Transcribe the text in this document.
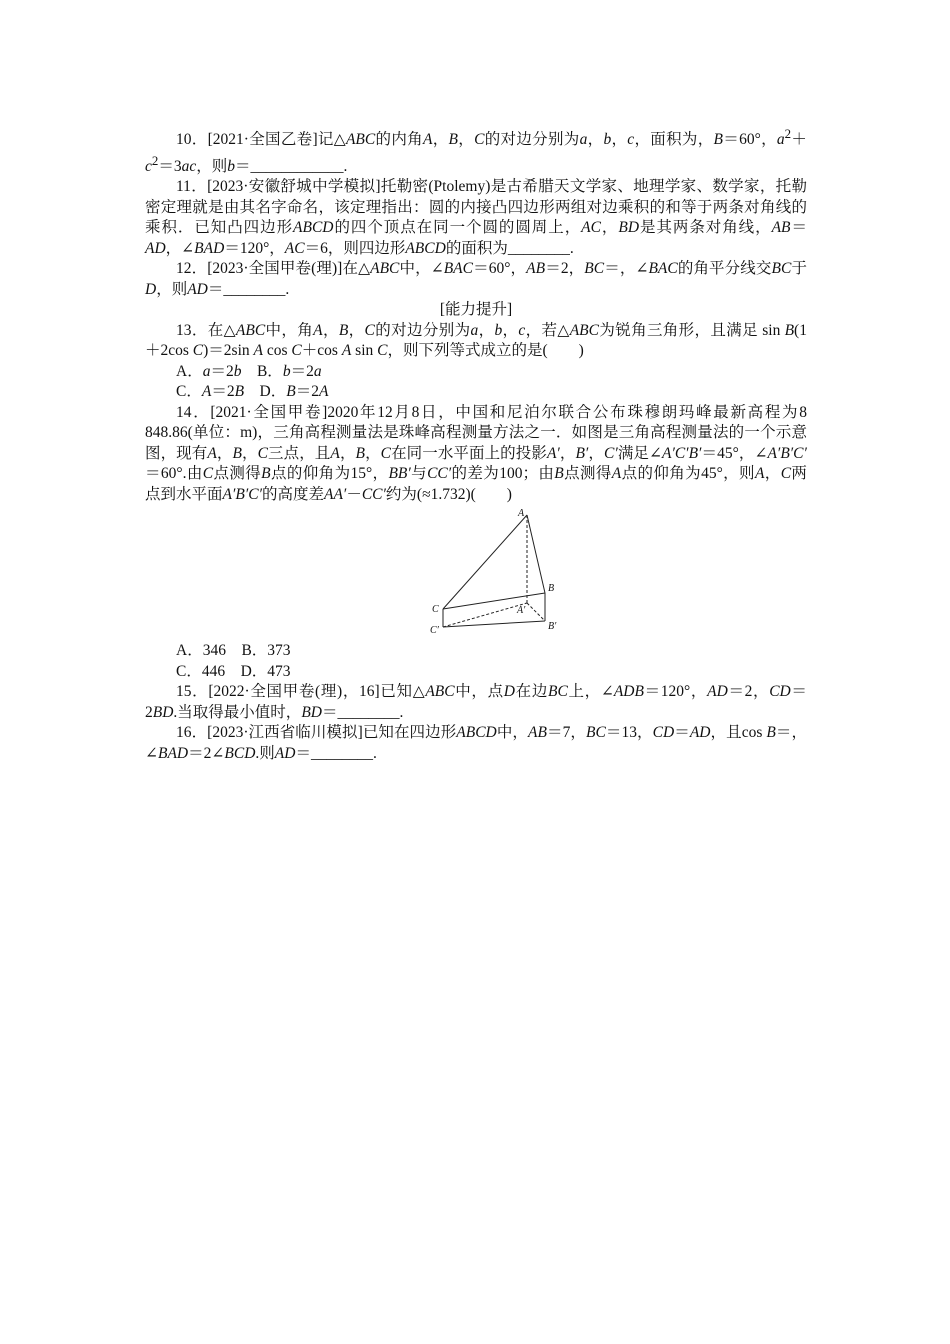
10．[2021·全国乙卷]记△ABC的内角A，B，C的对边分别为a，b，c，面积为，B＝60°，$a^2+c^2=3ac$，则b＝____________.

11．[2023·安徽舒城中学模拟]托勒密(Ptolemy)是古希腊天文学家、地理学家、数学家，托勒密定理就是由其名字命名，该定理指出：圆的内接凸四边形两组对边乘积的和等于两条对角线的乘积．已知凸四边形ABCD的四个顶点在同一个圆的圆周上，AC，BD是其两条对角线，AB＝AD，∠BAD＝120°，AC＝6，则四边形ABCD的面积为________.

12．[2023·全国甲卷(理)]在△ABC中，∠BAC＝60°，AB＝2，BC＝，∠BAC的角平分线交BC于D，则AD＝________.

[能力提升]

13．在△ABC中，角A，B，C的对边分别为a，b，c，若△ABC为锐角三角形，且满足 sin B(1＋2cos C)＝2sin A cos C＋cos A sin C，则下列等式成立的是(　　)

A．a＝2b　B．b＝2a

C．A＝2B　D．B＝2A

14．[2021·全国甲卷]2020年12月8日，中国和尼泊尔联合公布珠穆朗玛峰最新高程为8 848.86(单位：m)，三角高程测量法是珠峰高程测量方法之一．如图是三角高程测量法的一个示意图，现有A，B，C三点，且A，B，C在同一水平面上的投影A′，B′，C′满足∠A′C′B′＝45°，∠A′B′C′＝60°.由C点测得B点的仰角为15°，BB′与CC′的差为100；由B点测得A点的仰角为45°，则A，C两点到水平面A′B′C′的高度差AA′－CC′约为(≈1.732)(　　)

A
B
C	A′
B′
C′

A．346　B．373

C．446　D．473

15．[2022·全国甲卷(理)，16]已知△ABC中，点D在边BC上，∠ADB＝120°，AD＝2，CD＝2BD.当取得最小值时，BD＝________.

16．[2023·江西省临川模拟]已知在四边形ABCD中，AB＝7，BC＝13，CD＝AD，且cos B＝，∠BAD＝2∠BCD.则AD＝________.
